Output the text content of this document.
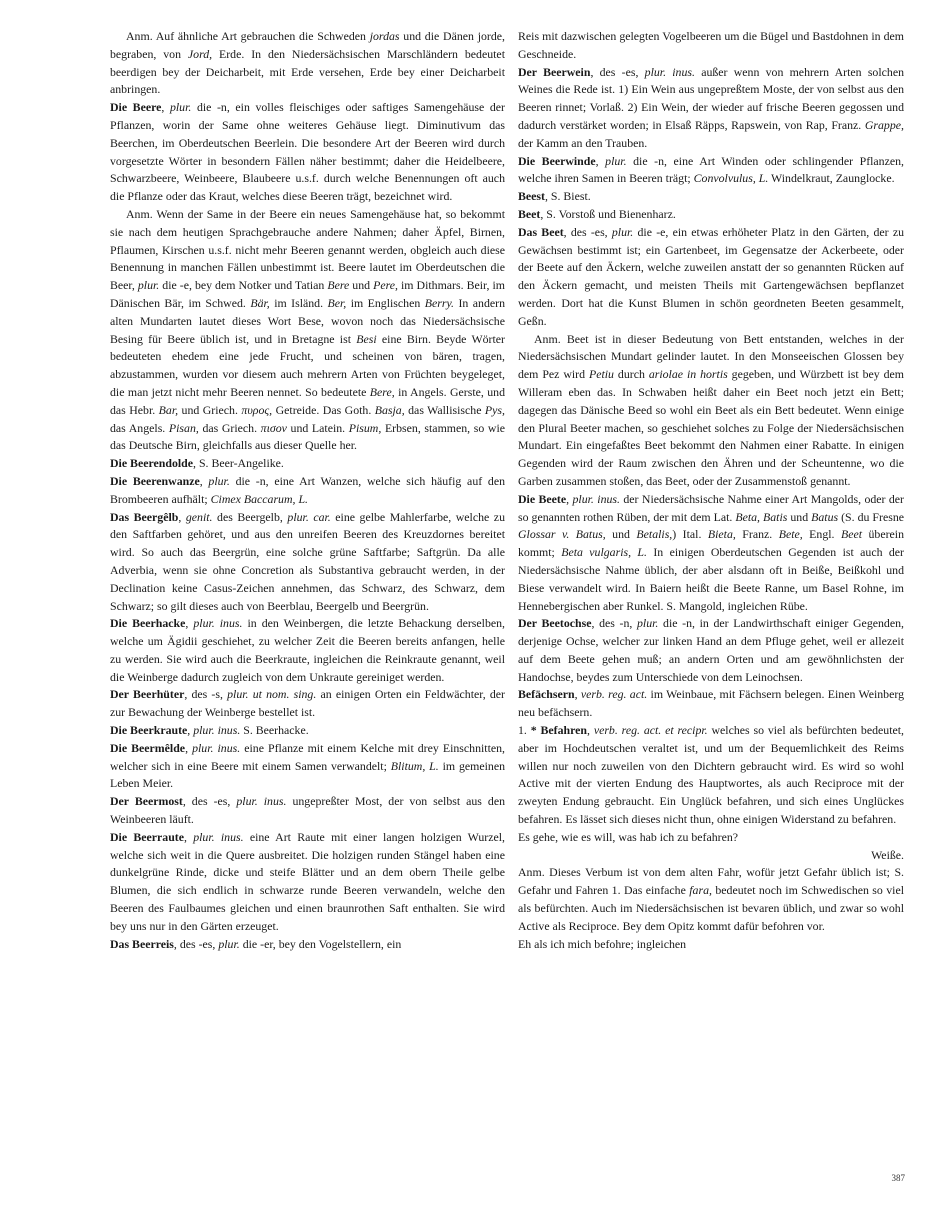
Anm. Auf ähnliche Art gebrauchen die Schweden jordas und die Dänen jorde, begraben, von Jord, Erde. In den Niedersächsischen Marschländern bedeutet beerdigen bey der Deicharbeit, mit Erde versehen, Erde bey einer Deicharbeit anbringen.

Die Beere, plur. die -n, ein volles fleischiges oder saftiges Samengehäuse der Pflanzen, worin der Same ohne weiteres Gehäuse liegt. Diminutivum das Beerchen, im Oberdeutschen Beerlein. Die besondere Art der Beeren wird durch vorgesetzte Wörter in besondern Fällen näher bestimmt; daher die Heidelbeere, Schwarzbeere, Weinbeere, Blaubeere u.s.f. durch welche Benennungen oft auch die Pflanze oder das Kraut, welches diese Beeren trägt, bezeichnet wird.

Anm. Wenn der Same in der Beere ein neues Samengehäuse hat, so bekommt sie nach dem heutigen Sprachgebrauche andere Nahmen; daher Äpfel, Birnen, Pflaumen, Kirschen u.s.f. nicht mehr Beeren genannt werden, obgleich auch diese Benennung in manchen Fällen unbestimmt ist. Beere lautet im Oberdeutschen die Beer, plur. die -e, bey dem Notker und Tatian Bere und Pere, im Dithmars. Beir, im Dänischen Bär, im Schwed. Bär, im Isländ. Ber, im Englischen Berry. In andern alten Mundarten lautet dieses Wort Bese, wovon noch das Niedersächsische Besing für Beere üblich ist, und in Bretagne ist Besi eine Birn. Beyde Wörter bedeuteten ehedem eine jede Frucht, und scheinen von bären, tragen, abzustammen, wurden vor diesem auch mehrern Arten von Früchten beygeleget, die man jetzt nicht mehr Beeren nennet. So bedeutete Bere, in Angels. Gerste, und das Hebr. Bar, und Griech. πυρος, Getreide. Das Goth. Basja, das Wallisische Pys, das Angels. Pisan, das Griech. πισον und Latein. Pisum, Erbsen, stammen, so wie das Deutsche Birn, gleichfalls aus dieser Quelle her.

Die Beerendolde, S. Beer-Angelike.

Die Beerenwanze, plur. die -n, eine Art Wanzen, welche sich häufig auf den Brombeeren aufhält; Cimex Baccarum, L.

Das Beergêlb, genit. des Beergelb, plur. car. eine gelbe Mahlerfarbe, welche zu den Saftfarben gehöret, und aus den unreifen Beeren des Kreuzdornes bereitet wird. So auch das Beergrün, eine solche grüne Saftfarbe; Saftgrün. Da alle Adverbia, wenn sie ohne Concretion als Substantiva gebraucht werden, in der Declination keine Casus-Zeichen annehmen, das Schwarz, des Schwarz, dem Schwarz; so gilt dieses auch von Beerblau, Beergelb und Beergrün.

Die Beerhacke, plur. inus. in den Weinbergen, die letzte Behackung derselben, welche um Ägidii geschiehet, zu welcher Zeit die Beeren bereits anfangen, helle zu werden. Sie wird auch die Beerkraute, ingleichen die Reinkraute genannt, weil die Weinberge dadurch zugleich von dem Unkraute gereiniget werden.

Der Beerhüter, des -s, plur. ut nom. sing. an einigen Orten ein Feldwächter, der zur Bewachung der Weinberge bestellet ist.

Die Beerkraute, plur. inus. S. Beerhacke.

Die Beermêlde, plur. inus. eine Pflanze mit einem Kelche mit drey Einschnitten, welcher sich in eine Beere mit einem Samen verwandelt; Blitum, L. im gemeinen Leben Meier.

Der Beermost, des -es, plur. inus. ungepreßter Most, der von selbst aus den Weinbeeren läuft.

Die Beerraute, plur. inus. eine Art Raute mit einer langen holzigen Wurzel, welche sich weit in die Quere ausbreitet. Die holzigen runden Stängel haben eine dunkelgrüne Rinde, dicke und steife Blätter und an dem obern Theile gelbe Blumen, die sich endlich in schwarze runde Beeren verwandeln, welche den Beeren des Faulbaumes gleichen und einen braunrothen Saft enthalten. Sie wird bey uns nur in den Gärten erzeuget.

Das Beerreis, des -es, plur. die -er, bey den Vogelstellern, ein

Reis mit dazwischen gelegten Vogelbeeren um die Bügel und Bastdohnen in dem Geschneide.

Der Beerwein, des -es, plur. inus. außer wenn von mehrern Arten solchen Weines die Rede ist. 1) Ein Wein aus ungepreßtem Moste, der von selbst aus den Beeren rinnet; Vorlaß. 2) Ein Wein, der wieder auf frische Beeren gegossen und dadurch verstärket worden; in Elsaß Räpps, Rapswein, von Rap, Franz. Grappe, der Kamm an den Trauben.

Die Beerwinde, plur. die -n, eine Art Winden oder schlingender Pflanzen, welche ihren Samen in Beeren trägt; Convolvulus, L. Windelkraut, Zaunglocke.

Beest, S. Biest.

Beet, S. Vorstoß und Bienenharz.

Das Beet, des -es, plur. die -e, ein etwas erhöheter Platz in den Gärten, der zu Gewächsen bestimmt ist; ein Gartenbeet, im Gegensatze der Ackerbeete, oder der Beete auf den Äckern, welche zuweilen anstatt der so genannten Rücken auf den Äckern gemacht, und meisten Theils mit Gartengewächsen bepflanzet werden. Dort hat die Kunst Blumen in schön geordneten Beeten gesammelt, Geßn.

Anm. Beet ist in dieser Bedeutung von Bett entstanden, welches in der Niedersächsischen Mundart gelinder lautet. In den Monseeischen Glossen bey dem Pez wird Petiu durch ariolae in hortis gegeben, und Würzbett ist bey dem Willeram eben das. In Schwaben heißt daher ein Beet noch jetzt ein Bett; dagegen das Dänische Beed so wohl ein Beet als ein Bett bedeutet. Wenn einige den Plural Beeter machen, so geschiehet solches zu Folge der Niedersächsischen Mundart. Ein eingefaßtes Beet bekommt den Nahmen einer Rabatte. In einigen Gegenden wird der Raum zwischen den Ähren und der Scheuntenne, wo die Garben zusammen stoßen, das Beet, oder der Zusammenstoß genannt.

Die Beete, plur. inus. der Niedersächsische Nahme einer Art Mangolds, oder der so genannten rothen Rüben, der mit dem Lat. Beta, Batis und Batus (S. du Fresne Glossar v. Batus, und Betalis,) Ital. Bieta, Franz. Bete, Engl. Beet überein kommt; Beta vulgaris, L. In einigen Oberdeutschen Gegenden ist auch der Niedersächsische Nahme üblich, der aber alsdann oft in Beiße, Beißkohl und Biese verwandelt wird. In Baiern heißt die Beete Ranne, um Basel Rohne, im Hennebergischen aber Runkel. S. Mangold, ingleichen Rübe.

Der Beetochse, des -n, plur. die -n, in der Landwirthschaft einiger Gegenden, derjenige Ochse, welcher zur linken Hand an dem Pfluge gehet, weil er allezeit auf dem Beete gehen muß; an andern Orten und am gewöhnlichsten der Handochse, beydes zum Unterschiede von dem Leinochsen.

Befächsern, verb. reg. act. im Weinbaue, mit Fächsern belegen. Einen Weinberg neu befächsern.

1. * Befahren, verb. reg. act. et recipr. welches so viel als befürchten bedeutet, aber im Hochdeutschen veraltet ist, und um der Bequemlichkeit des Reims willen nur noch zuweilen von den Dichtern gebraucht wird. Es wird so wohl Active mit der vierten Endung des Hauptwortes, als auch Reciproce mit der zweyten Endung gebraucht. Ein Unglück befahren, und sich eines Unglückes befahren. Es lässet sich dieses nicht thun, ohne einigen Widerstand zu befahren.

Es gehe, wie es will, was hab ich zu befahren?

Weiße.

Anm. Dieses Verbum ist von dem alten Fahr, wofür jetzt Gefahr üblich ist; S. Gefahr und Fahren 1. Das einfache fara, bedeutet noch im Schwedischen so viel als befürchten. Auch im Niedersächsischen ist bevaren üblich, und zwar so wohl Active als Reciproce. Bey dem Opitz kommt dafür befohren vor.

Eh als ich mich befohre; ingleichen

387
